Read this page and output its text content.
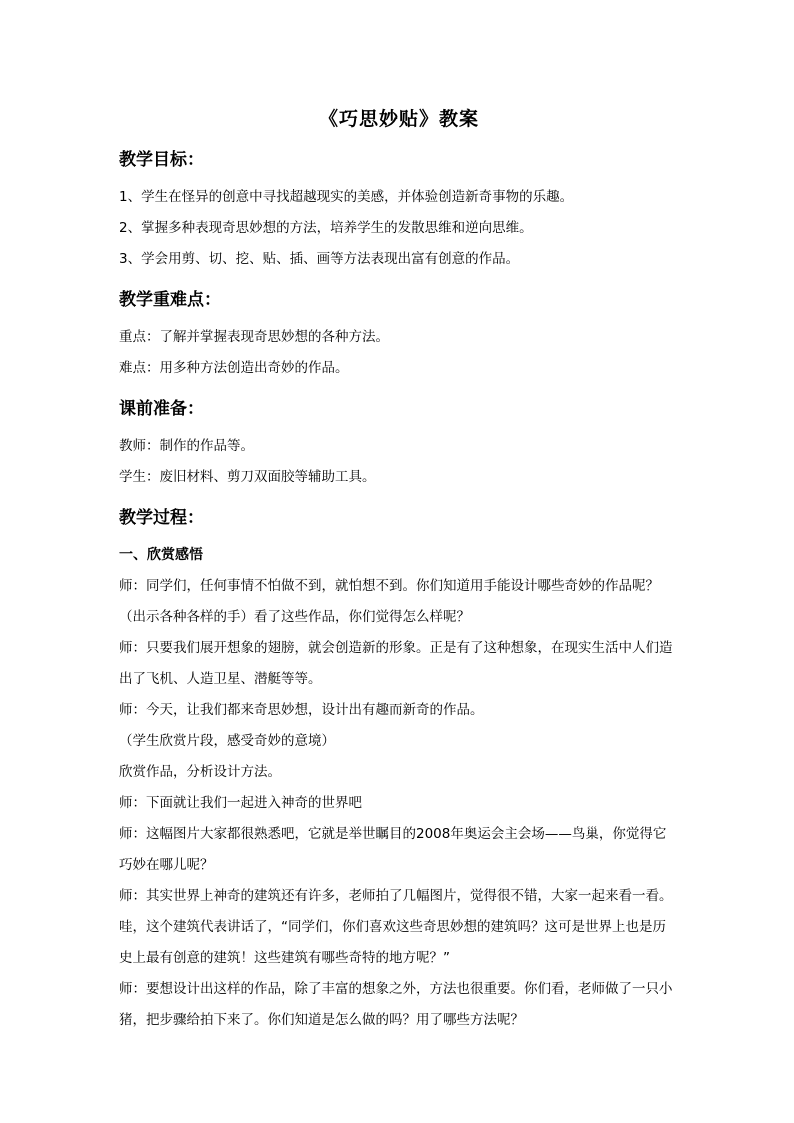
《巧思妙贴》教案
教学目标：

1、学生在怪异的创意中寻找超越现实的美感，并体验创造新奇事物的乐趣。

2、掌握多种表现奇思妙想的方法，培养学生的发散思维和逆向思维。

3、学会用剪、切、挖、贴、插、画等方法表现出富有创意的作品。

教学重难点：

重点：了解并掌握表现奇思妙想的各种方法。

难点：用多种方法创造出奇妙的作品。

课前准备：

教师：制作的作品等。

学生：废旧材料、剪刀双面胶等辅助工具。

教学过程：
一、欣赏感悟

师：同学们，任何事情不怕做不到，就怕想不到。你们知道用手能设计哪些奇妙的作品呢？

（出示各种各样的手）看了这些作品，你们觉得怎么样呢？

师：只要我们展开想象的翅膀，就会创造新的形象。正是有了这种想象，在现实生活中人们造出了飞机、人造卫星、潜艇等等。

师：今天，让我们都来奇思妙想，设计出有趣而新奇的作品。

（学生欣赏片段，感受奇妙的意境）

欣赏作品，分析设计方法。

师：下面就让我们一起进入神奇的世界吧

师：这幅图片大家都很熟悉吧，它就是举世瞩目的2008年奥运会主会场——鸟巢，你觉得它巧妙在哪儿呢？

师：其实世界上神奇的建筑还有许多，老师拍了几幅图片，觉得很不错，大家一起来看一看。哇，这个建筑代表讲话了，“同学们，你们喜欢这些奇思妙想的建筑吗？这可是世界上也是历史上最有创意的建筑！这些建筑有哪些奇特的地方呢？”

师：要想设计出这样的作品，除了丰富的想象之外，方法也很重要。你们看，老师做了一只小猪，把步骤给拍下来了。你们知道是怎么做的吗？用了哪些方法呢？
